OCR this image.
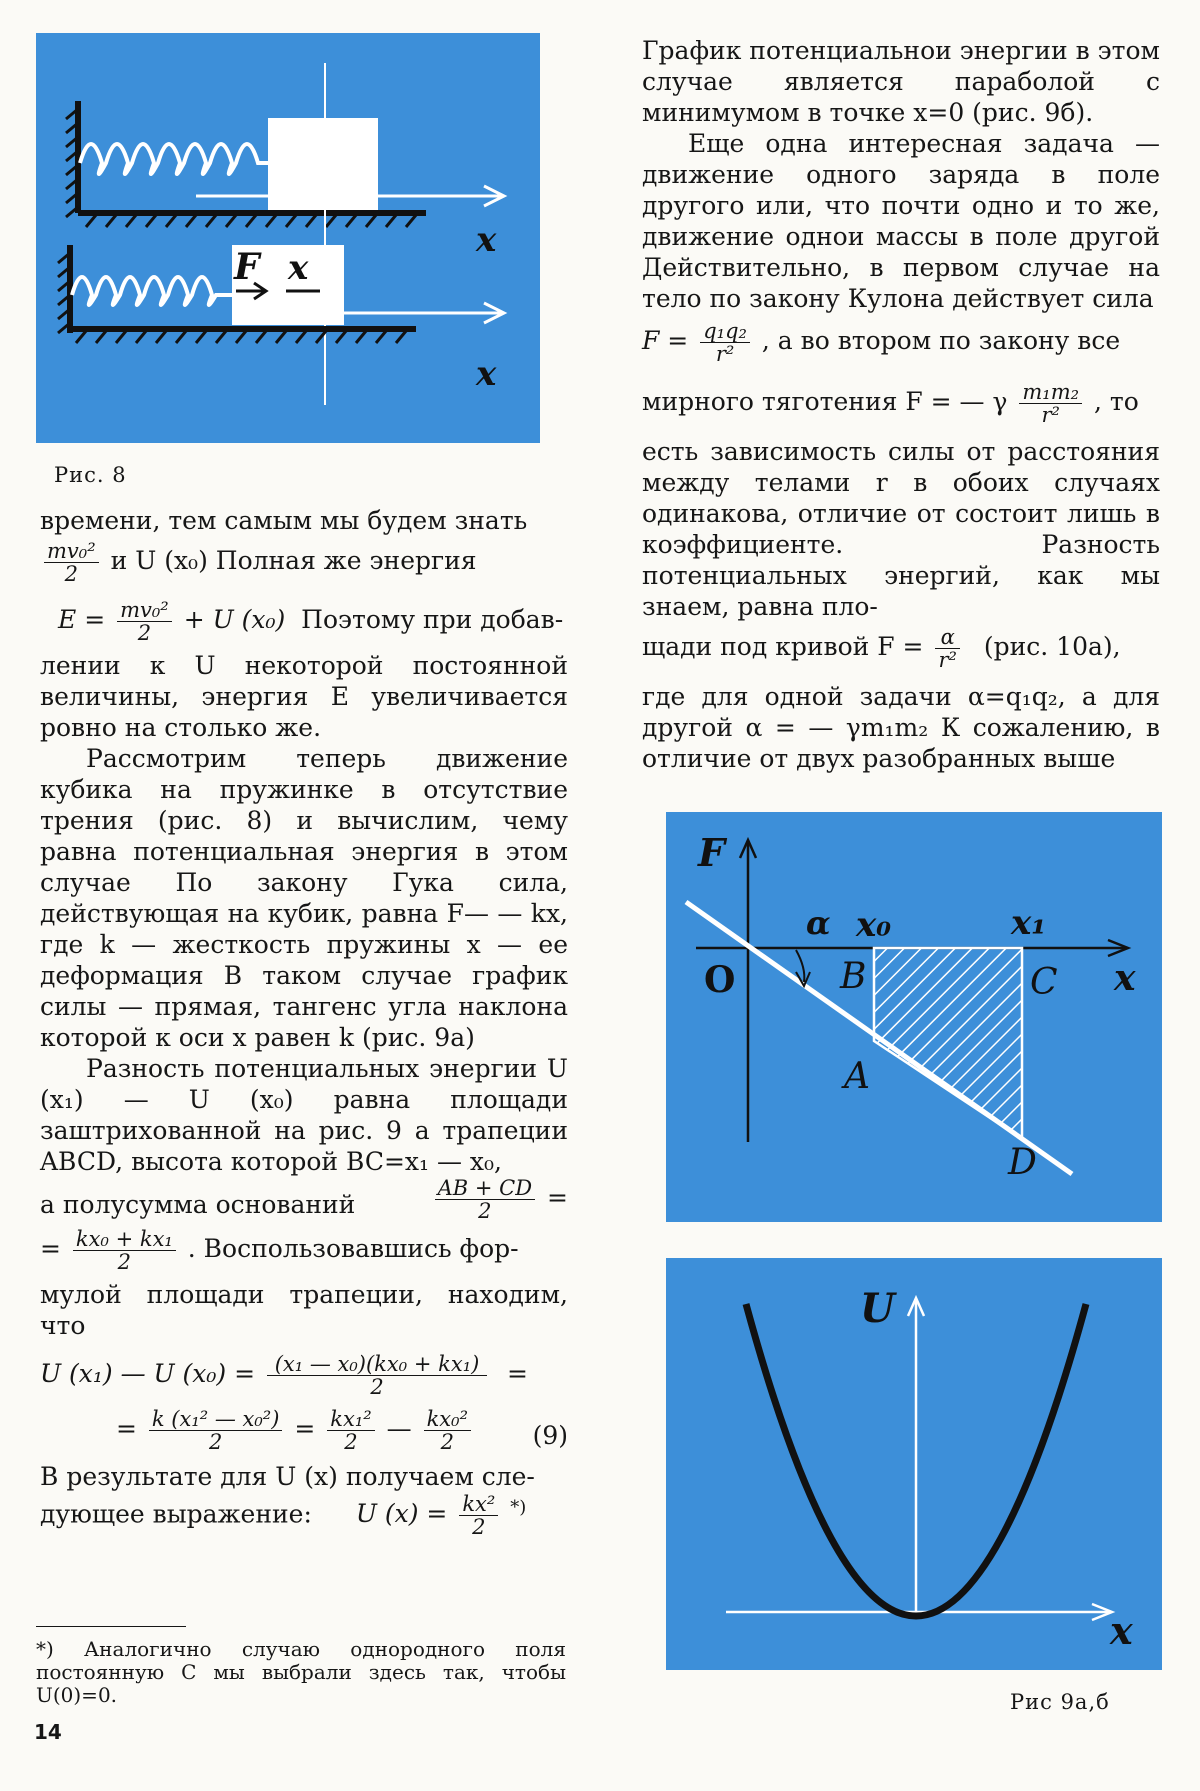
x
F x
x
Рис. 8

времени, тем самым мы будем знать

$\frac{\text{mv₀²}}{2}$ и U (x₀) Полная же энергия
$E = \frac{\text{mv₀²}}{2} + U$ (x₀) Поэтому при добав-

лении к U некоторой постоянной величины, энергия E увеличивается ровно на столько же.

Рассмотрим теперь движение кубика на пружинке в отсутствие трения (рис. 8) и вычислим, чему равна потенциальная энергия в этом случае По закону Гука сила, действующая на кубик, равна F— — kx, где k — жесткость пружины x — ее деформация В таком случае график силы — прямая, тангенс угла наклона которой к оси x равен k (рис. 9а)

Разность потенциальных энергии U (x₁) — U (x₀) равна площади заштрихованной на рис. 9 a трапеции ABCD, высота которой BC=x₁ — x₀,

а полусумма оснований	$\frac{AB + CD}{2}$ =
= $\frac{\text{kx₀ + kx₁}}{2}$ . Воспользовавшись фор-

мулой площади трапеции, находим, что

U (x₁) — U $(x_0) = \frac{\text{(x₁ — x₀)(kx₀ + kx₁)}}{2}$ =
= $\frac{\text{k (x₁² — x₀²)}}{2} = \frac{\text{kx₁²}}{2}$ — $\frac{\text{kx₀²}}{2} (9)$

В результате для U (x) получаем сле-

дующее выражение: U $(x) = \frac{\text{kx²}}{2} ^{*)}$
*) Аналогично случаю однородного поля постоянную C мы выбрали здесь так, чтобы U(0)=0.
14

График потенциальнои энергии в этом случае является параболой с минимумом в точке x=0 (рис. 9б).

Еще одна интересная задача — движение одного заряда в поле другого или, что почти одно и то же, движение однои массы в поле другой Действительно, в первом случае на тело по закону Кулона действует сила

$F = \frac{\text{q₁q₂}}{\text{r²}}$ , а во втором по закону все
мирного тяготения F = — γ $\frac{\text{m₁m₂}}{\text{r²}}$ , то

есть зависимость силы от расстояния между телами r в обоих случаях одинакова, отличие от состоит лишь в коэффициенте. Разность потенциальных энергий, как мы знаем, равна пло-

щади под кривой $F = \frac{\alpha}{\text{r²}} (рис$. 10а),

где для одной задачи α=q₁q₂, а для другой α = — γm₁m₂ К сожалению, в отличие от двух разобранных выше

F
O
α x₀	x₁
B	C
A
D
x
U
x
Рис 9а,б
